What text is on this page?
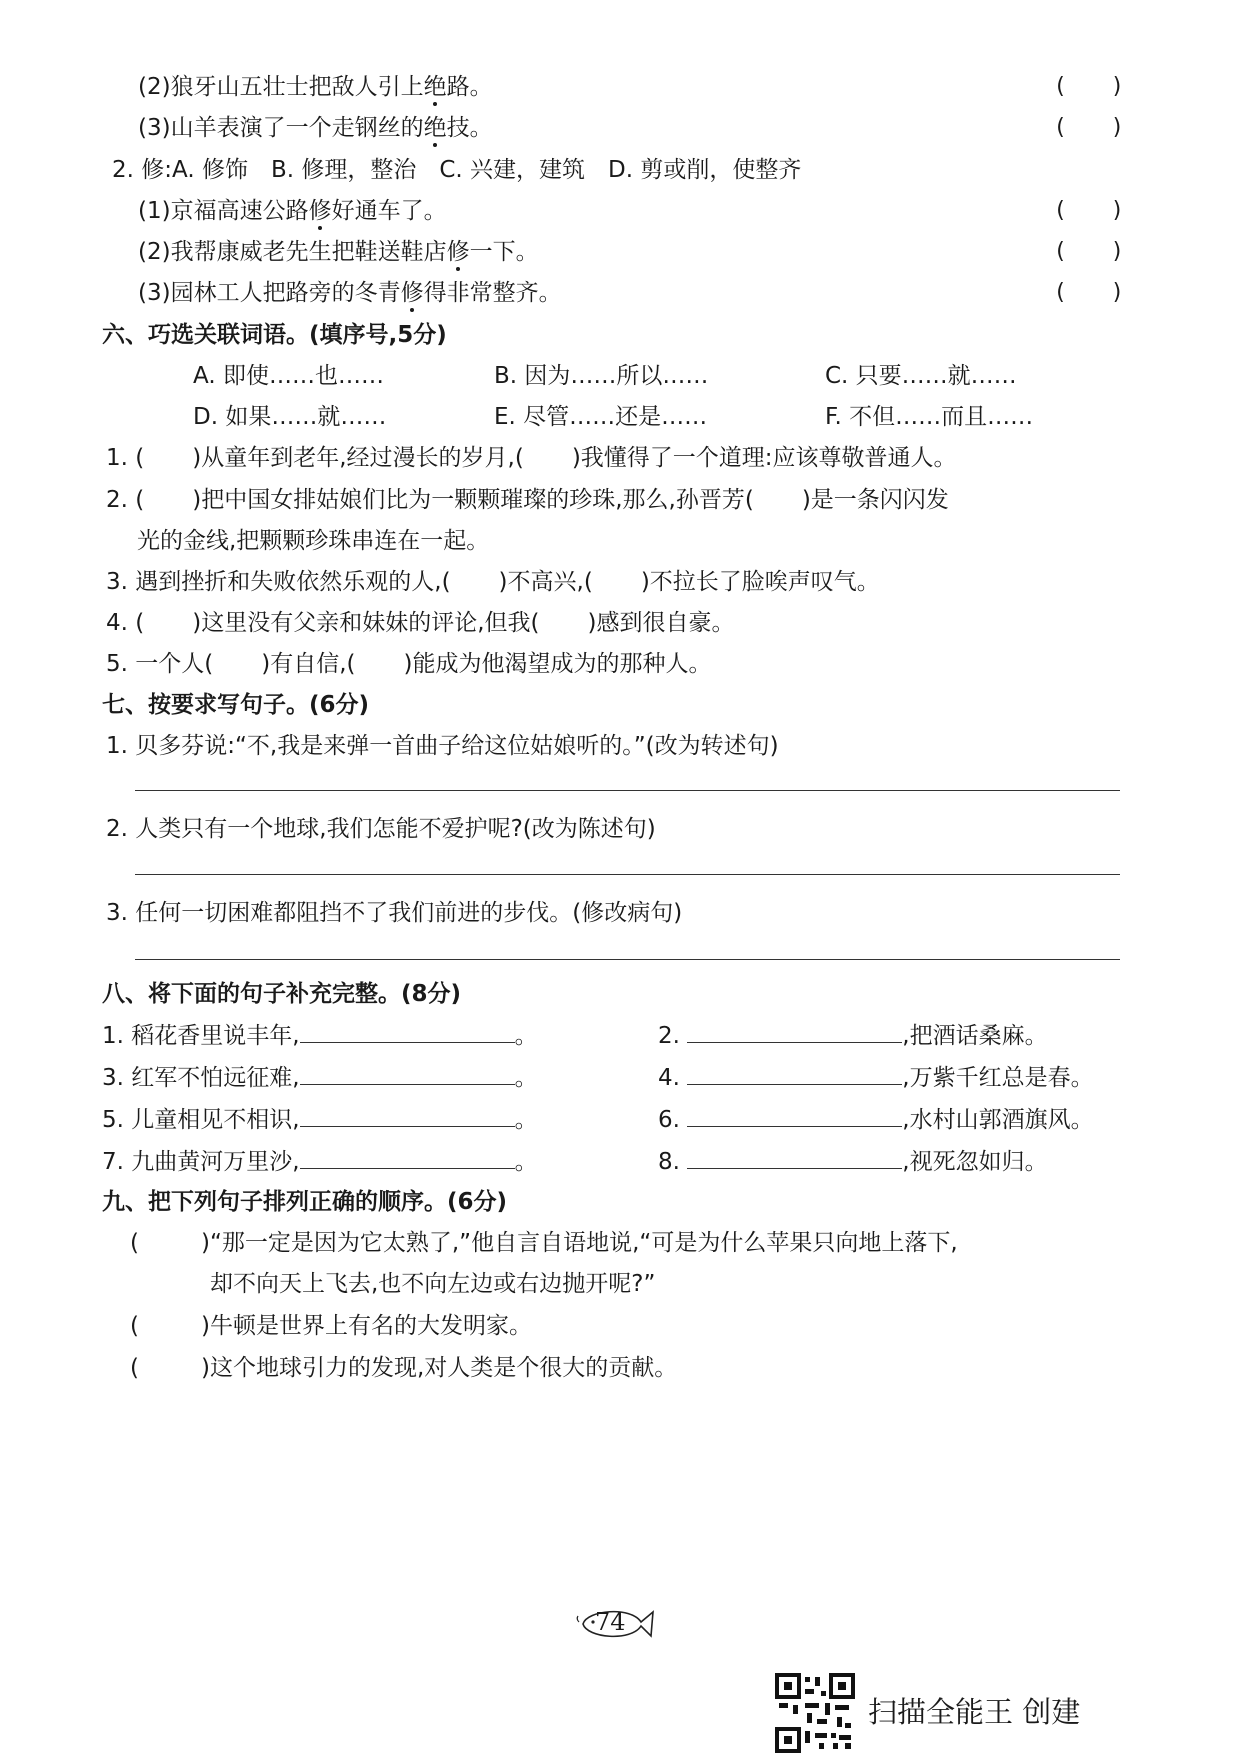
(2)狼牙山五壮士把敌人引上绝路。	(　　)
(3)山羊表演了一个走钢丝的绝技。	(　　)
2. 修:A. 修饰　B. 修理，整治　C. 兴建，建筑　D. 剪或削，使整齐
(1)京福高速公路修好通车了。	(　　)
(2)我帮康威老先生把鞋送鞋店修一下。	(　　)
(3)园林工人把路旁的冬青修得非常整齐。	(　　)
六、巧选关联词语。(填序号,5分)
A. 即使……也……	B. 因为……所以……	C. 只要……就……
D. 如果……就……	E. 尽管……还是……	F. 不但……而且……
1. ( )从童年到老年,经过漫长的岁月,( )我懂得了一个道理:应该尊敬普通人。
2. ( )把中国女排姑娘们比为一颗颗璀璨的珍珠,那么,孙晋芳( )是一条闪闪发
光的金线,把颗颗珍珠串连在一起。
3. 遇到挫折和失败依然乐观的人,( )不高兴,( )不拉长了脸唉声叹气。
4. ( )这里没有父亲和妹妹的评论,但我( )感到很自豪。
5. 一个人( )有自信,( )能成为他渴望成为的那种人。
七、按要求写句子。(6分)
1. 贝多芬说:“不,我是来弹一首曲子给这位姑娘听的。”(改为转述句)
2. 人类只有一个地球,我们怎能不爱护呢?(改为陈述句)
3. 任何一切困难都阻挡不了我们前进的步伐。(修改病句)
八、将下面的句子补充完整。(8分)
1. 稻花香里说丰年,	。	2.	,把酒话桑麻。
3. 红军不怕远征难,	。	4.	,万紫千红总是春。
5. 儿童相见不相识,	。	6.	,水村山郭酒旗风。
7. 九曲黄河万里沙,	。	8.	,视死忽如归。
九、把下列句子排列正确的顺序。(6分)
(	)“那一定是因为它太熟了,”他自言自语地说,“可是为什么苹果只向地上落下,
却不向天上飞去,也不向左边或右边抛开呢?”
(	)牛顿是世界上有名的大发明家。
(	)这个地球引力的发现,对人类是个很大的贡献。
74
扫描全能王 创建
